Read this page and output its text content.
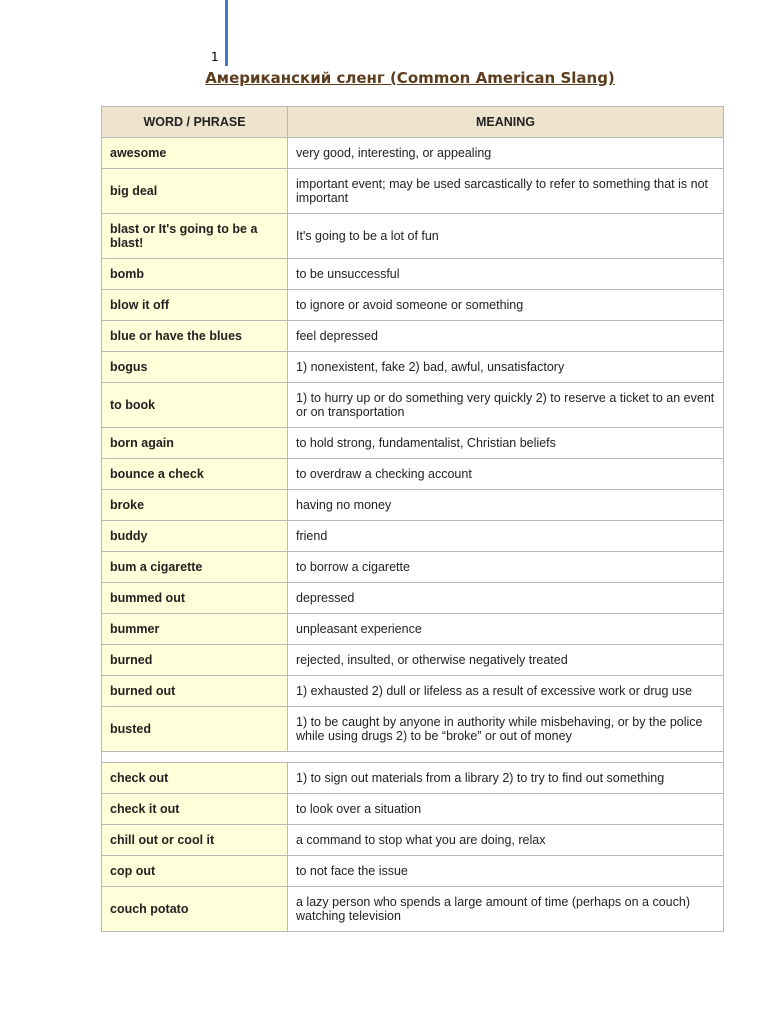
1
Американский сленг (Common American Slang)
WORD / PHRASE	MEANING
awesome	very good, interesting, or appealing
big deal	important event; may be used sarcastically to refer to something that is not important
blast or It's going to be a blast!	It's going to be a lot of fun
bomb	to be unsuccessful
blow it off	to ignore or avoid someone or something
blue or have the blues	feel depressed
bogus	1) nonexistent, fake 2) bad, awful, unsatisfactory
to book	1) to hurry up or do something very quickly 2) to reserve a ticket to an event or on transportation
born again	to hold strong, fundamentalist, Christian beliefs
bounce a check	to overdraw a checking account
broke	having no money
buddy	friend
bum a cigarette	to borrow a cigarette
bummed out	depressed
bummer	unpleasant experience
burned	rejected, insulted, or otherwise negatively treated
burned out	1) exhausted 2) dull or lifeless as a result of excessive work or drug use
busted	1) to be caught by anyone in authority while misbehaving, or by the police while using drugs 2) to be “broke” or out of money

check out	1) to sign out materials from a library 2) to try to find out something
check it out	to look over a situation
chill out or cool it	a command to stop what you are doing, relax
cop out	to not face the issue
couch potato	a lazy person who spends a large amount of time (perhaps on a couch) watching television
